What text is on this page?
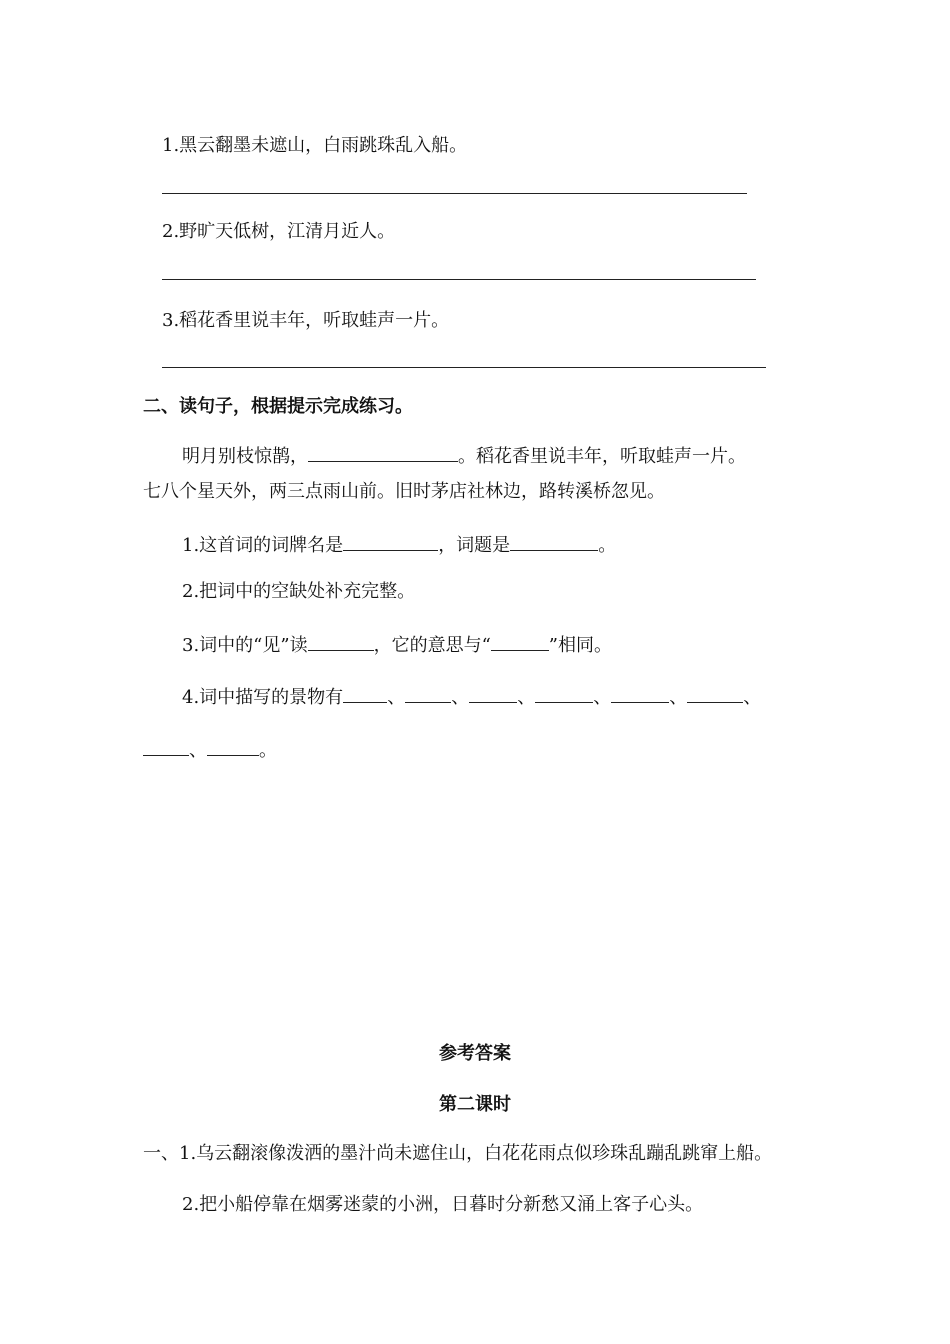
1.黑云翻墨未遮山，白雨跳珠乱入船。
2.野旷天低树，江清月近人。
3.稻花香里说丰年，听取蛙声一片。
二、读句子，根据提示完成练习。
明月别枝惊鹊，	。稻花香里说丰年，听取蛙声一片。
七八个星天外，两三点雨山前。旧时茅店社林边，路转溪桥忽见。
1.这首词的词牌名是	，词题是	。
2.把词中的空缺处补充完整。
3.词中的“见”读	，它的意思与“	”相同。
4.词中描写的景物有 、	、	、	、	、	、
、	。
参考答案
第二课时
一、1.乌云翻滚像泼洒的墨汁尚未遮住山，白花花雨点似珍珠乱蹦乱跳窜上船。
2.把小船停靠在烟雾迷蒙的小洲，日暮时分新愁又涌上客子心头。
